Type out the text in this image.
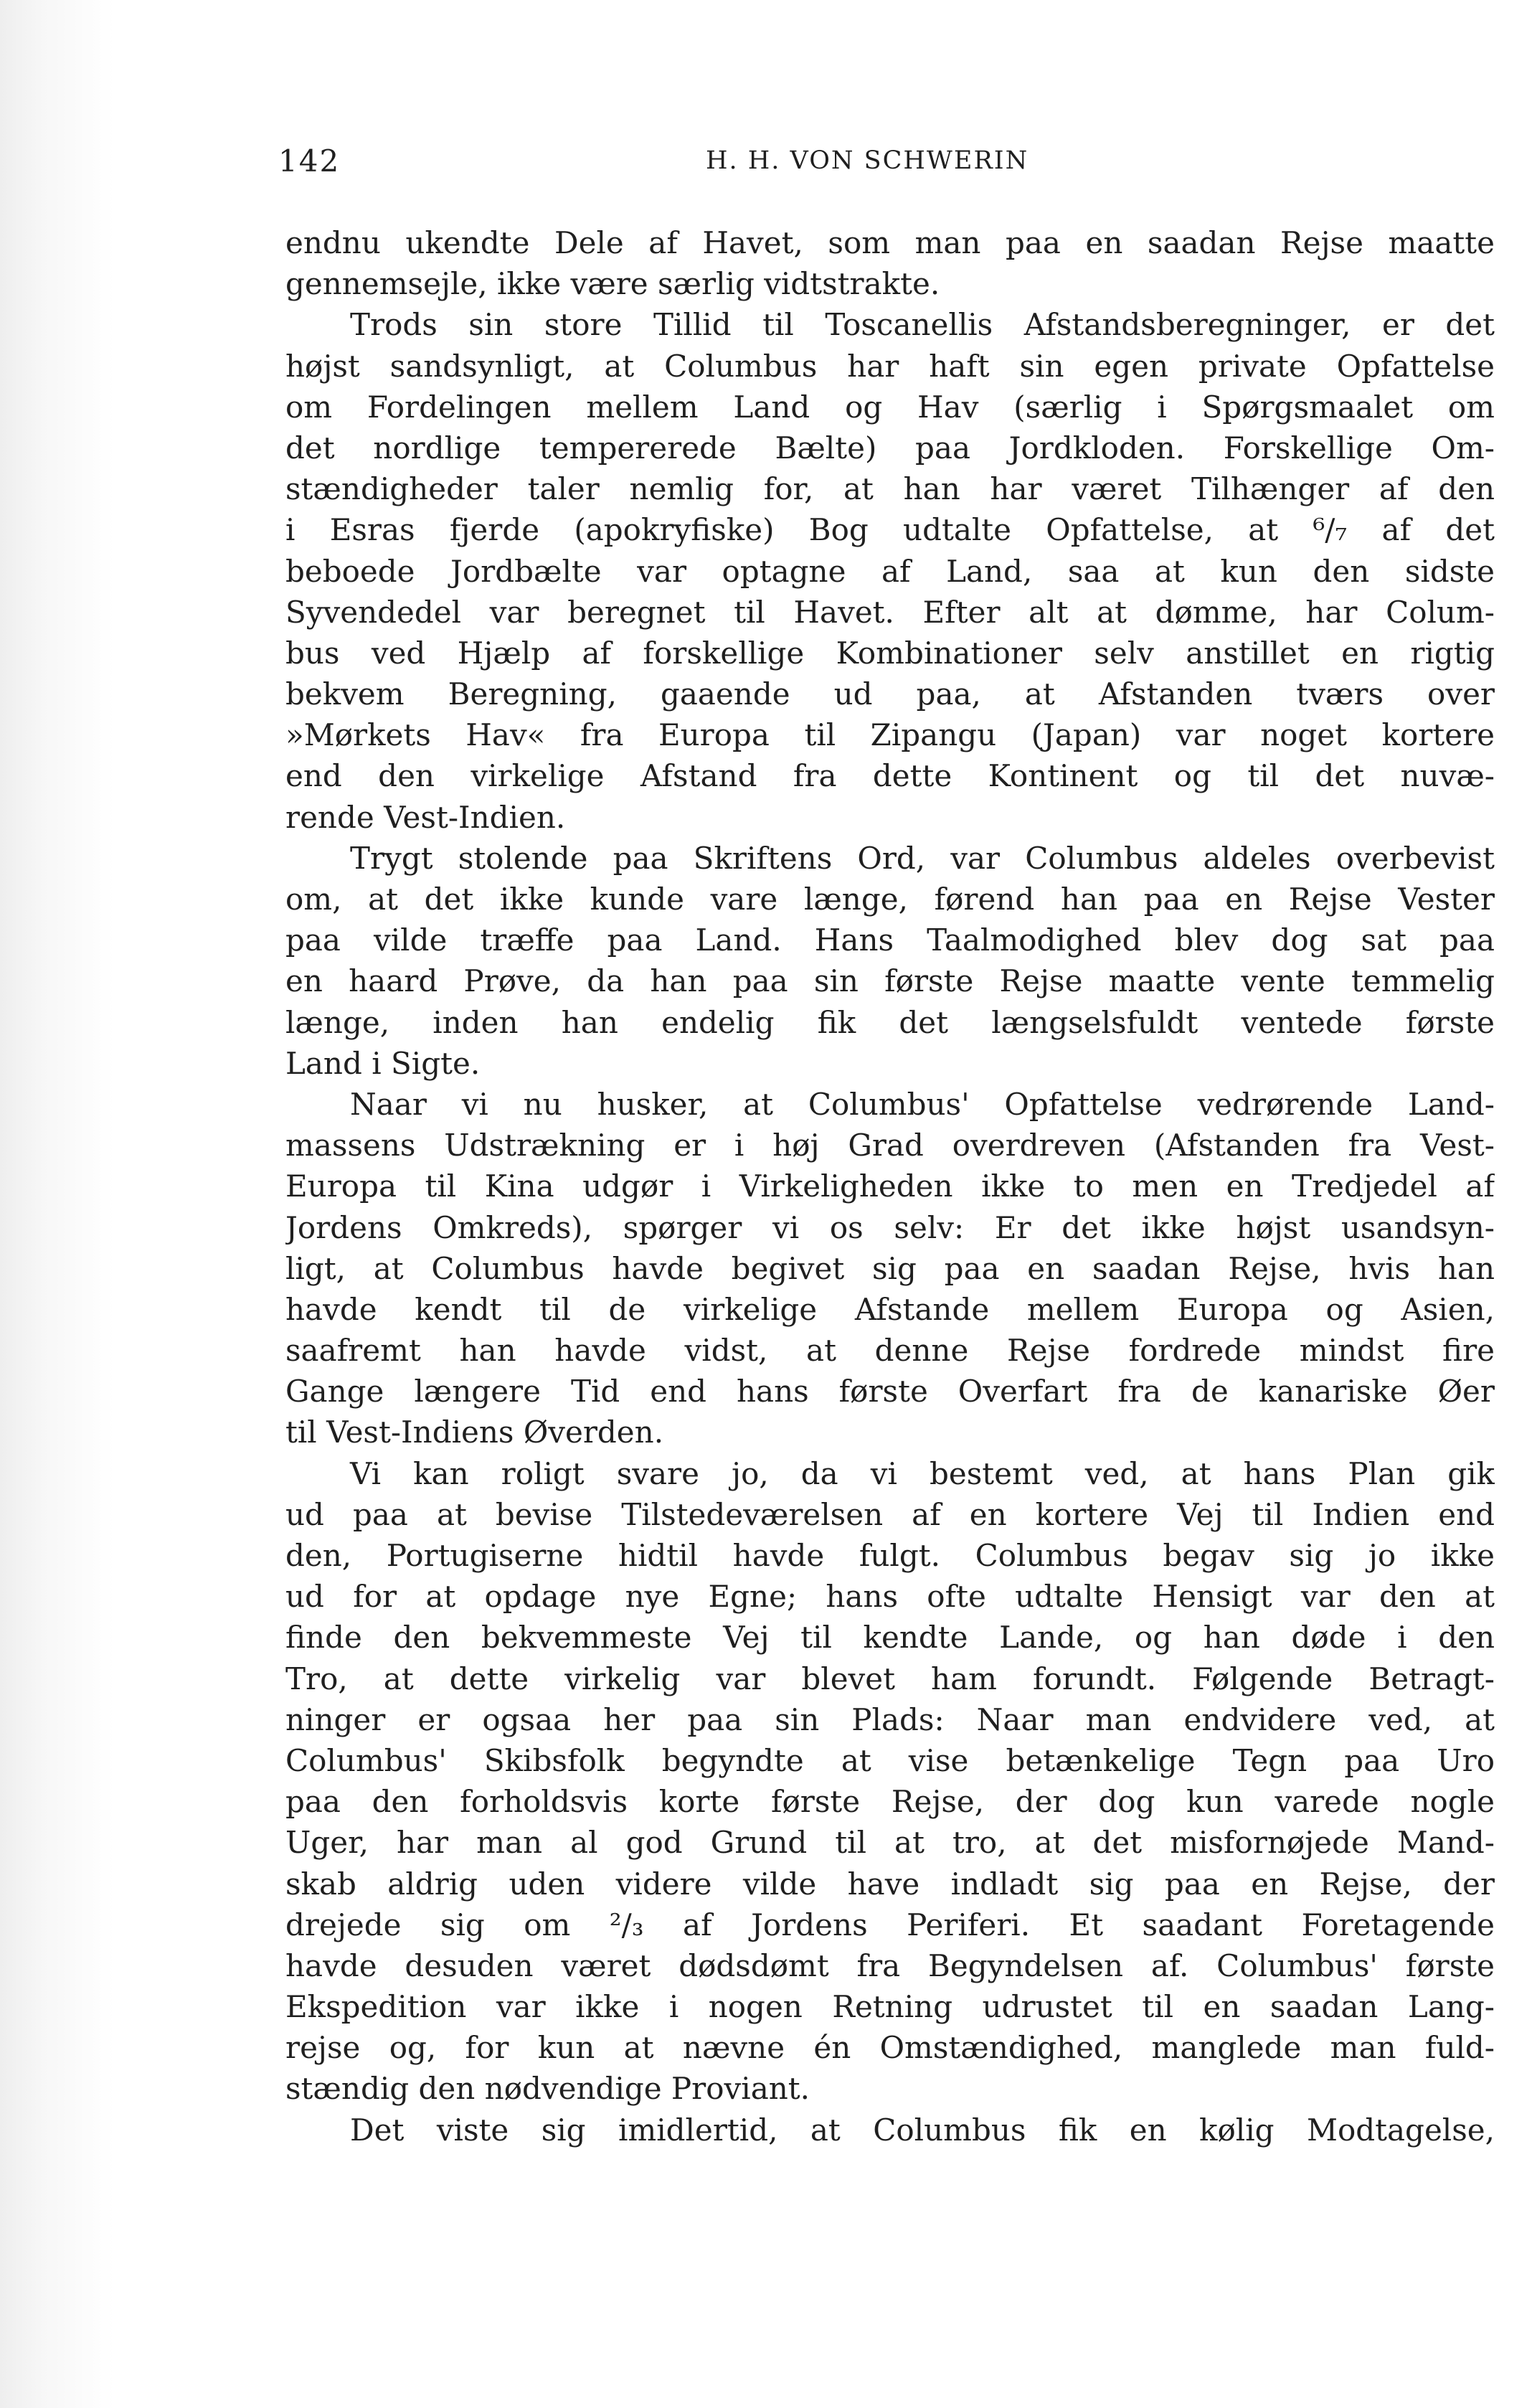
142	H. H. VON SCHWERIN
endnu ukendte Dele af Havet, som man paa en saadan Rejse maatte
gennemsejle, ikke være særlig vidtstrakte.
Trods sin store Tillid til Toscanellis Afstandsberegninger, er det
højst sandsynligt, at Columbus har haft sin egen private Opfattelse
om Fordelingen mellem Land og Hav (særlig i Spørgsmaalet om
det nordlige tempererede Bælte) paa Jordkloden. Forskellige Om-
stændigheder taler nemlig for, at han har været Tilhænger af den
i Esras fjerde (apokryfiske) Bog udtalte Opfattelse, at ⁶/₇ af det
beboede Jordbælte var optagne af Land, saa at kun den sidste
Syvendedel var beregnet til Havet. Efter alt at dømme, har Colum-
bus ved Hjælp af forskellige Kombinationer selv anstillet en rigtig
bekvem Beregning, gaaende ud paa, at Afstanden tværs over
»Mørkets Hav« fra Europa til Zipangu (Japan) var noget kortere
end den virkelige Afstand fra dette Kontinent og til det nuvæ-
rende Vest-Indien.
Trygt stolende paa Skriftens Ord, var Columbus aldeles overbevist
om, at det ikke kunde vare længe, førend han paa en Rejse Vester
paa vilde træffe paa Land. Hans Taalmodighed blev dog sat paa
en haard Prøve, da han paa sin første Rejse maatte vente temmelig
længe, inden han endelig fik det længselsfuldt ventede første
Land i Sigte.
Naar vi nu husker, at Columbus' Opfattelse vedrørende Land-
massens Udstrækning er i høj Grad overdreven (Afstanden fra Vest-
Europa til Kina udgør i Virkeligheden ikke to men en Tredjedel af
Jordens Omkreds), spørger vi os selv: Er det ikke højst usandsyn-
ligt, at Columbus havde begivet sig paa en saadan Rejse, hvis han
havde kendt til de virkelige Afstande mellem Europa og Asien,
saafremt han havde vidst, at denne Rejse fordrede mindst fire
Gange længere Tid end hans første Overfart fra de kanariske Øer
til Vest-Indiens Øverden.
Vi kan roligt svare jo, da vi bestemt ved, at hans Plan gik
ud paa at bevise Tilstedeværelsen af en kortere Vej til Indien end
den, Portugiserne hidtil havde fulgt. Columbus begav sig jo ikke
ud for at opdage nye Egne; hans ofte udtalte Hensigt var den at
finde den bekvemmeste Vej til kendte Lande, og han døde i den
Tro, at dette virkelig var blevet ham forundt. Følgende Betragt-
ninger er ogsaa her paa sin Plads: Naar man endvidere ved, at
Columbus' Skibsfolk begyndte at vise betænkelige Tegn paa Uro
paa den forholdsvis korte første Rejse, der dog kun varede nogle
Uger, har man al god Grund til at tro, at det misfornøjede Mand-
skab aldrig uden videre vilde have indladt sig paa en Rejse, der
drejede sig om ²/₃ af Jordens Periferi. Et saadant Foretagende
havde desuden været dødsdømt fra Begyndelsen af. Columbus' første
Ekspedition var ikke i nogen Retning udrustet til en saadan Lang-
rejse og, for kun at nævne én Omstændighed, manglede man fuld-
stændig den nødvendige Proviant.
Det viste sig imidlertid, at Columbus fik en kølig Modtagelse,
